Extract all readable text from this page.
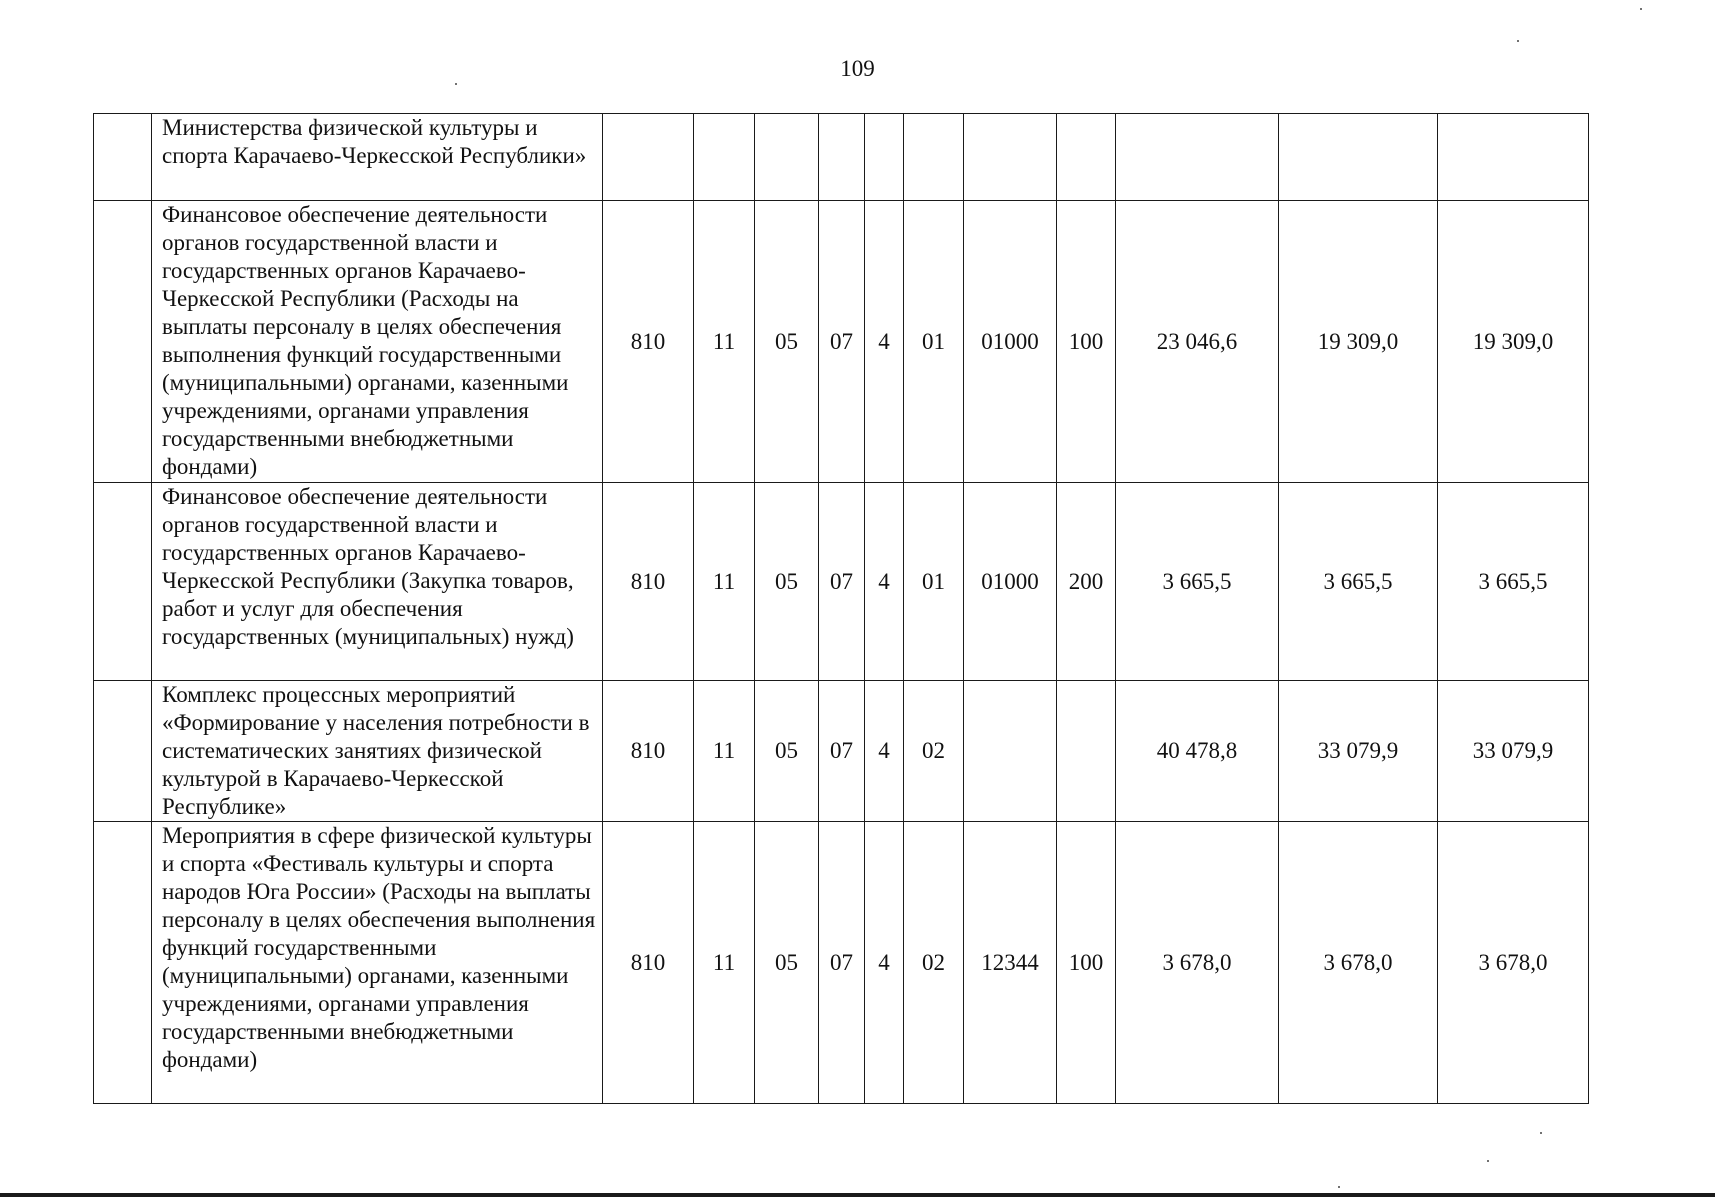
109
	Министерства физической культуры и спорта Карачаево-Черкесской Республики»											
	Финансовое обеспечение деятельности органов государственной власти и государственных органов Карачаево-Черкесской Республики (Расходы на выплаты персоналу в целях обеспечения выполнения функций государственными (муниципальными) органами, казенными учреждениями, органами управления государственными внебюджетными фондами)	810	11	05	07	4	01	01000	100	23 046,6	19 309,0	19 309,0
	Финансовое обеспечение деятельности органов государственной власти и государственных органов Карачаево-Черкесской Республики (Закупка товаров, работ и услуг для обеспечения государственных (муниципальных) нужд)	810	11	05	07	4	01	01000	200	3 665,5	3 665,5	3 665,5
	Комплекс процессных мероприятий «Формирование у населения потребности в систематических занятиях физической культурой в Карачаево-Черкесской Республике»	810	11	05	07	4	02			40 478,8	33 079,9	33 079,9
	Мероприятия в сфере физической культуры и спорта «Фестиваль культуры и спорта народов Юга России» (Расходы на выплаты персоналу в целях обеспечения выполнения функций государственными (муниципальными) органами, казенными учреждениями, органами управления государственными внебюджетными фондами)	810	11	05	07	4	02	12344	100	3 678,0	3 678,0	3 678,0
